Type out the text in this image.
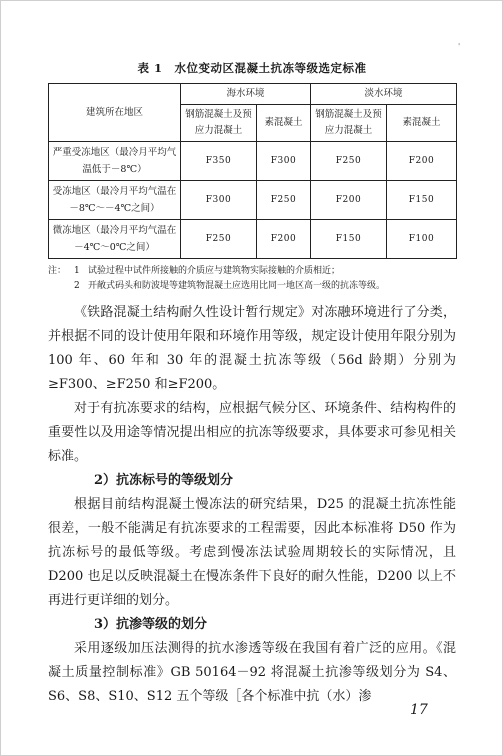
'
表 1　水位变动区混凝土抗冻等级选定标准
建筑所在地区	海水环境		淡水环境	
	钢筋混凝土及预应力混凝土	素混凝土	钢筋混凝土及预应力混凝土	素混凝土
严重受冻地区（最冷月平均气温低于－8℃）	F350	F300	F250	F200
受冻地区（最冷月平均气温在－8℃～－4℃之间）	F300	F250	F200	F150
微冻地区（最冷月平均气温在－4℃～0℃之间）	F250	F200	F150	F100
注： 1 试验过程中试件所接触的介质应与建筑物实际接触的介质相近；
2 开敞式码头和防波堤等建筑物混凝土应选用比同一地区高一级的抗冻等级。

《铁路混凝土结构耐久性设计暂行规定》对冻融环境进行了分类，并根据不同的设计使用年限和环境作用等级，规定设计使用年限分别为 100 年、60 年和 30 年的混凝土抗冻等级（56d 龄期）分别为≥F300、≥F250 和≥F200。

对于有抗冻要求的结构，应根据气候分区、环境条件、结构构件的重要性以及用途等情况提出相应的抗冻等级要求，具体要求可参见相关标准。

2）抗冻标号的等级划分

根据目前结构混凝土慢冻法的研究结果，D25 的混凝土抗冻性能很差，一般不能满足有抗冻要求的工程需要，因此本标准将 D50 作为抗冻标号的最低等级。考虑到慢冻法试验周期较长的实际情况，且 D200 也足以反映混凝土在慢冻条件下良好的耐久性能，D200 以上不再进行更详细的划分。

3）抗渗等级的划分

采用逐级加压法测得的抗水渗透等级在我国有着广泛的应用。《混凝土质量控制标准》GB 50164－92 将混凝土抗渗等级划分为 S4、S6、S8、S10、S12 五个等级［各个标准中抗（水）渗

17
